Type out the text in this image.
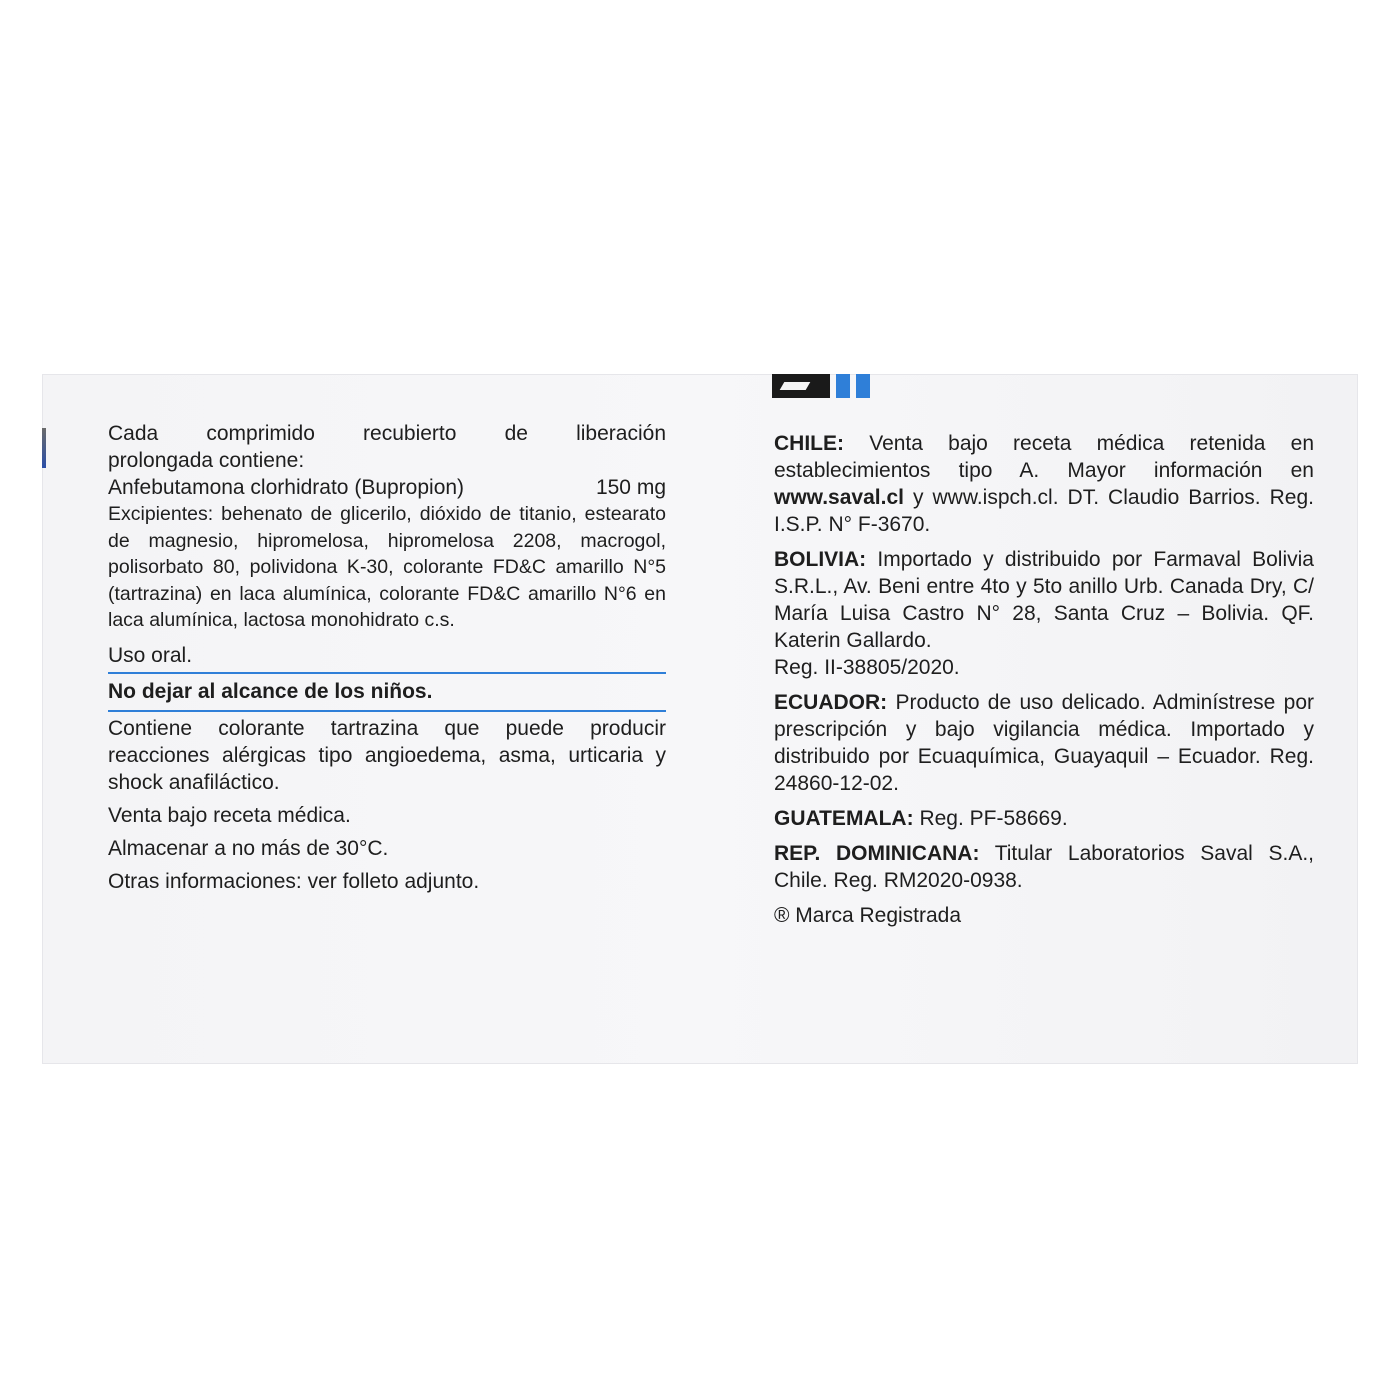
Cada comprimido recubierto de liberación

prolongada contiene:

Anfebutamona clorhidrato (Bupropion)	150 mg

Excipientes: behenato de glicerilo, dióxido de titanio, estearato de magnesio, hipromelosa, hipromelosa 2208, macrogol, polisorbato 80, polividona K-30, colorante FD&C amarillo N°5 (tartrazina) en laca alumínica, colorante FD&C amarillo N°6 en laca alumínica, lactosa monohidrato c.s.

Uso oral.

No dejar al alcance de los niños.

Contiene colorante tartrazina que puede producir reacciones alérgicas tipo angioedema, asma, urticaria y shock anafiláctico.

Venta bajo receta médica.

Almacenar a no más de 30°C.

Otras informaciones: ver folleto adjunto.

CHILE: Venta bajo receta médica retenida en establecimientos tipo A. Mayor información en www.saval.cl y www.ispch.cl. DT. Claudio Barrios. Reg. I.S.P. N° F-3670.

BOLIVIA: Importado y distribuido por Farmaval Bolivia S.R.L., Av. Beni entre 4to y 5to anillo Urb. Canada Dry, C/ María Luisa Castro N° 28, Santa Cruz – Bolivia. QF. Katerin Gallardo.

Reg. II-38805/2020.

ECUADOR: Producto de uso delicado. Adminístrese por prescripción y bajo vigilancia médica. Importado y distribuido por Ecuaquímica, Guayaquil – Ecuador. Reg. 24860-12-02.

GUATEMALA: Reg. PF-58669.

REP. DOMINICANA: Titular Laboratorios Saval S.A., Chile. Reg. RM2020-0938.

® Marca Registrada
